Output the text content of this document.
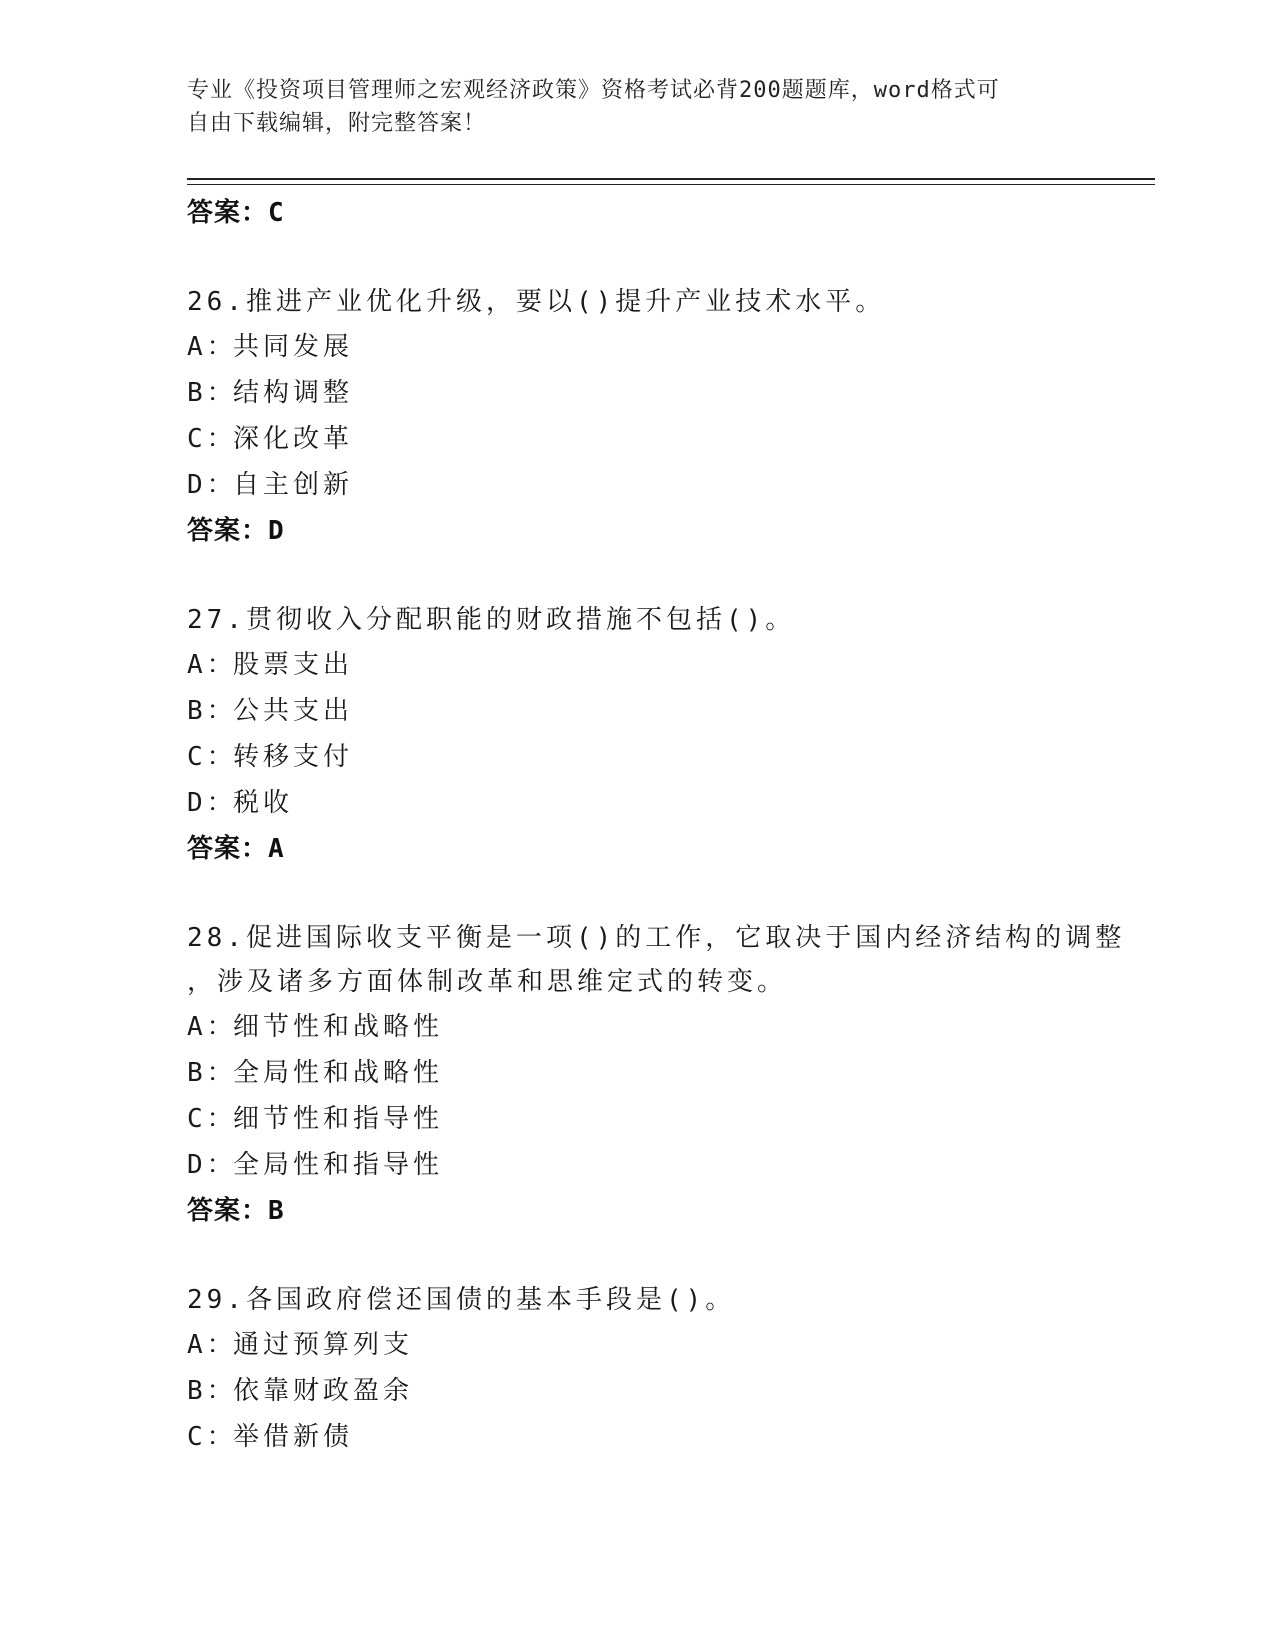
专业《投资项目管理师之宏观经济政策》资格考试必背200题题库，word格式可
自由下载编辑，附完整答案！
答案：C
26.推进产业优化升级，要以()提升产业技术水平。
A：
共同发展
B：
结构调整
C：
深化改革
D：
自主创新
答案：D
27.贯彻收入分配职能的财政措施不包括()。
A：
股票支出
B：
公共支出
C：
转移支付
D：
税收
答案：A
28.促进国际收支平衡是一项()的工作，它取决于国内经济结构的调整
，涉及诸多方面体制改革和思维定式的转变。
A：
细节性和战略性
B：
全局性和战略性
C：
细节性和指导性
D：
全局性和指导性
答案：B
29.各国政府偿还国债的基本手段是()。
A：
通过预算列支
B：
依靠财政盈余
C：
举借新债
